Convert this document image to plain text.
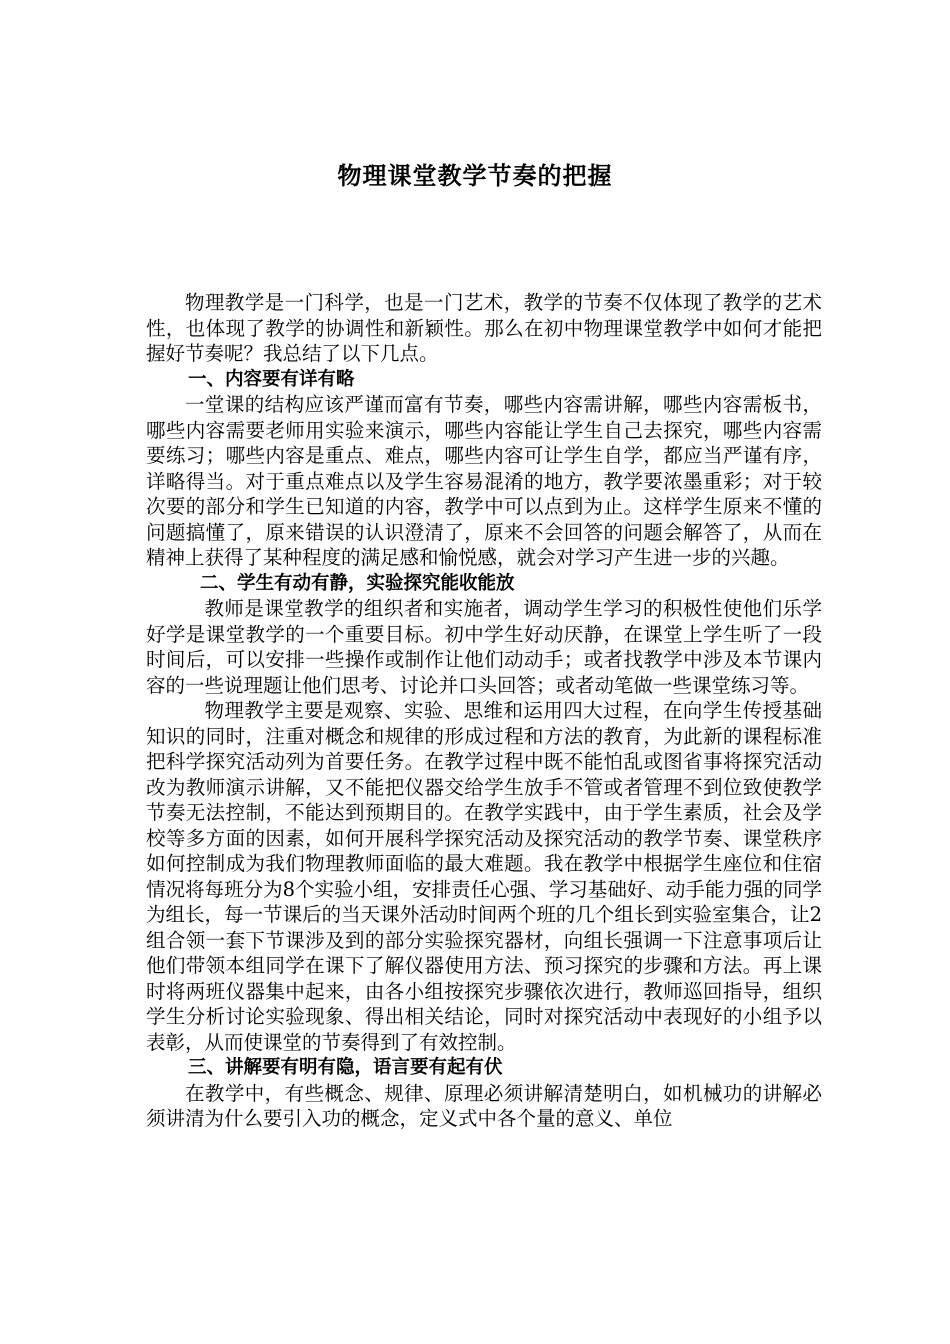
物理课堂教学节奏的把握

物理教学是一门科学，也是一门艺术，教学的节奏不仅体现了教学的艺术性，也体现了教学的协调性和新颖性。那么在初中物理课堂教学中如何才能把握好节奏呢？我总结了以下几点。

一、内容要有详有略

一堂课的结构应该严谨而富有节奏，哪些内容需讲解，哪些内容需板书，哪些内容需要老师用实验来演示，哪些内容能让学生自己去探究，哪些内容需要练习；哪些内容是重点、难点，哪些内容可让学生自学，都应当严谨有序，详略得当。对于重点难点以及学生容易混淆的地方，教学要浓墨重彩；对于较次要的部分和学生已知道的内容，教学中可以点到为止。这样学生原来不懂的问题搞懂了，原来错误的认识澄清了，原来不会回答的问题会解答了，从而在精神上获得了某种程度的满足感和愉悦感，就会对学习产生进一步的兴趣。

二、学生有动有静，实验探究能收能放

教师是课堂教学的组织者和实施者，调动学生学习的积极性使他们乐学好学是课堂教学的一个重要目标。初中学生好动厌静，在课堂上学生听了一段时间后，可以安排一些操作或制作让他们动动手；或者找教学中涉及本节课内容的一些说理题让他们思考、讨论并口头回答；或者动笔做一些课堂练习等。

物理教学主要是观察、实验、思维和运用四大过程，在向学生传授基础知识的同时，注重对概念和规律的形成过程和方法的教育，为此新的课程标准把科学探究活动列为首要任务。在教学过程中既不能怕乱或图省事将探究活动改为教师演示讲解，又不能把仪器交给学生放手不管或者管理不到位致使教学节奏无法控制，不能达到预期目的。在教学实践中，由于学生素质，社会及学校等多方面的因素，如何开展科学探究活动及探究活动的教学节奏、课堂秩序如何控制成为我们物理教师面临的最大难题。我在教学中根据学生座位和住宿情况将每班分为8个实验小组，安排责任心强、学习基础好、动手能力强的同学为组长，每一节课后的当天课外活动时间两个班的几个组长到实验室集合，让2组合领一套下节课涉及到的部分实验探究器材，向组长强调一下注意事项后让他们带领本组同学在课下了解仪器使用方法、预习探究的步骤和方法。再上课时将两班仪器集中起来，由各小组按探究步骤依次进行，教师巡回指导，组织学生分析讨论实验现象、得出相关结论，同时对探究活动中表现好的小组予以表彰，从而使课堂的节奏得到了有效控制。

三、讲解要有明有隐，语言要有起有伏

在教学中，有些概念、规律、原理必须讲解清楚明白，如机械功的讲解必须讲清为什么要引入功的概念，定义式中各个量的意义、单位
